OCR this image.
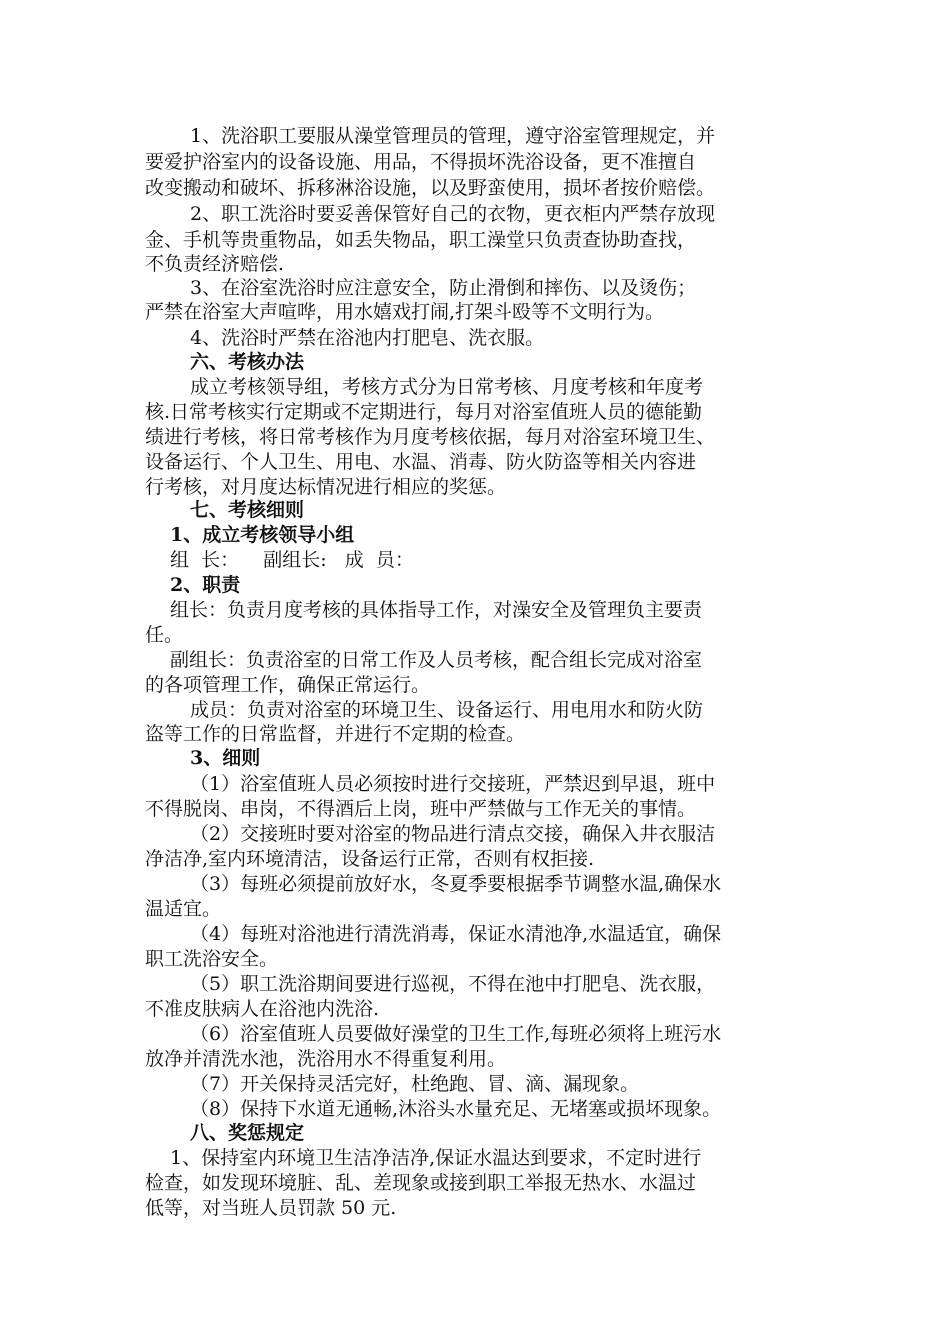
1、洗浴职工要服从澡堂管理员的管理，遵守浴室管理规定，并
要爱护浴室内的设备设施、用品，不得损坏洗浴设备，更不准擅自
改变搬动和破坏、拆移淋浴设施，以及野蛮使用，损坏者按价赔偿。
2、职工洗浴时要妥善保管好自己的衣物，更衣柜内严禁存放现
金、手机等贵重物品，如丢失物品，职工澡堂只负责查协助查找，
不负责经济赔偿.
3、在浴室洗浴时应注意安全，防止滑倒和摔伤、以及烫伤；
严禁在浴室大声喧哗，用水嬉戏打闹,打架斗殴等不文明行为。
4、洗浴时严禁在浴池内打肥皂、洗衣服。
六、考核办法
成立考核领导组，考核方式分为日常考核、月度考核和年度考
核.日常考核实行定期或不定期进行，每月对浴室值班人员的德能勤
绩进行考核，将日常考核作为月度考核依据，每月对浴室环境卫生、
设备运行、个人卫生、用电、水温、消毒、防火防盗等相关内容进
行考核，对月度达标情况进行相应的奖惩。
七、考核细则
1、成立考核领导小组
组  长：    副组长:   成  员：
2、职责
组长：负责月度考核的具体指导工作，对澡安全及管理负主要责
任。
副组长：负责浴室的日常工作及人员考核，配合组长完成对浴室
的各项管理工作，确保正常运行。
成员：负责对浴室的环境卫生、设备运行、用电用水和防火防
盗等工作的日常监督，并进行不定期的检查。
3、细则
（1）浴室值班人员必须按时进行交接班，严禁迟到早退，班中
不得脱岗、串岗，不得酒后上岗，班中严禁做与工作无关的事情。
（2）交接班时要对浴室的物品进行清点交接，确保入井衣服洁
净洁净,室内环境清洁，设备运行正常，否则有权拒接.
（3）每班必须提前放好水，冬夏季要根据季节调整水温,确保水
温适宜。
（4）每班对浴池进行清洗消毒，保证水清池净,水温适宜，确保
职工洗浴安全。
（5）职工洗浴期间要进行巡视，不得在池中打肥皂、洗衣服，
不准皮肤病人在浴池内洗浴.
（6）浴室值班人员要做好澡堂的卫生工作,每班必须将上班污水
放净并清洗水池，洗浴用水不得重复利用。
（7）开关保持灵活完好，杜绝跑、冒、滴、漏现象。
（8）保持下水道无通畅,沐浴头水量充足、无堵塞或损坏现象。
八、奖惩规定
1、保持室内环境卫生洁净洁净,保证水温达到要求，不定时进行
检查，如发现环境脏、乱、差现象或接到职工举报无热水、水温过
低等，对当班人员罚款 50 元.
